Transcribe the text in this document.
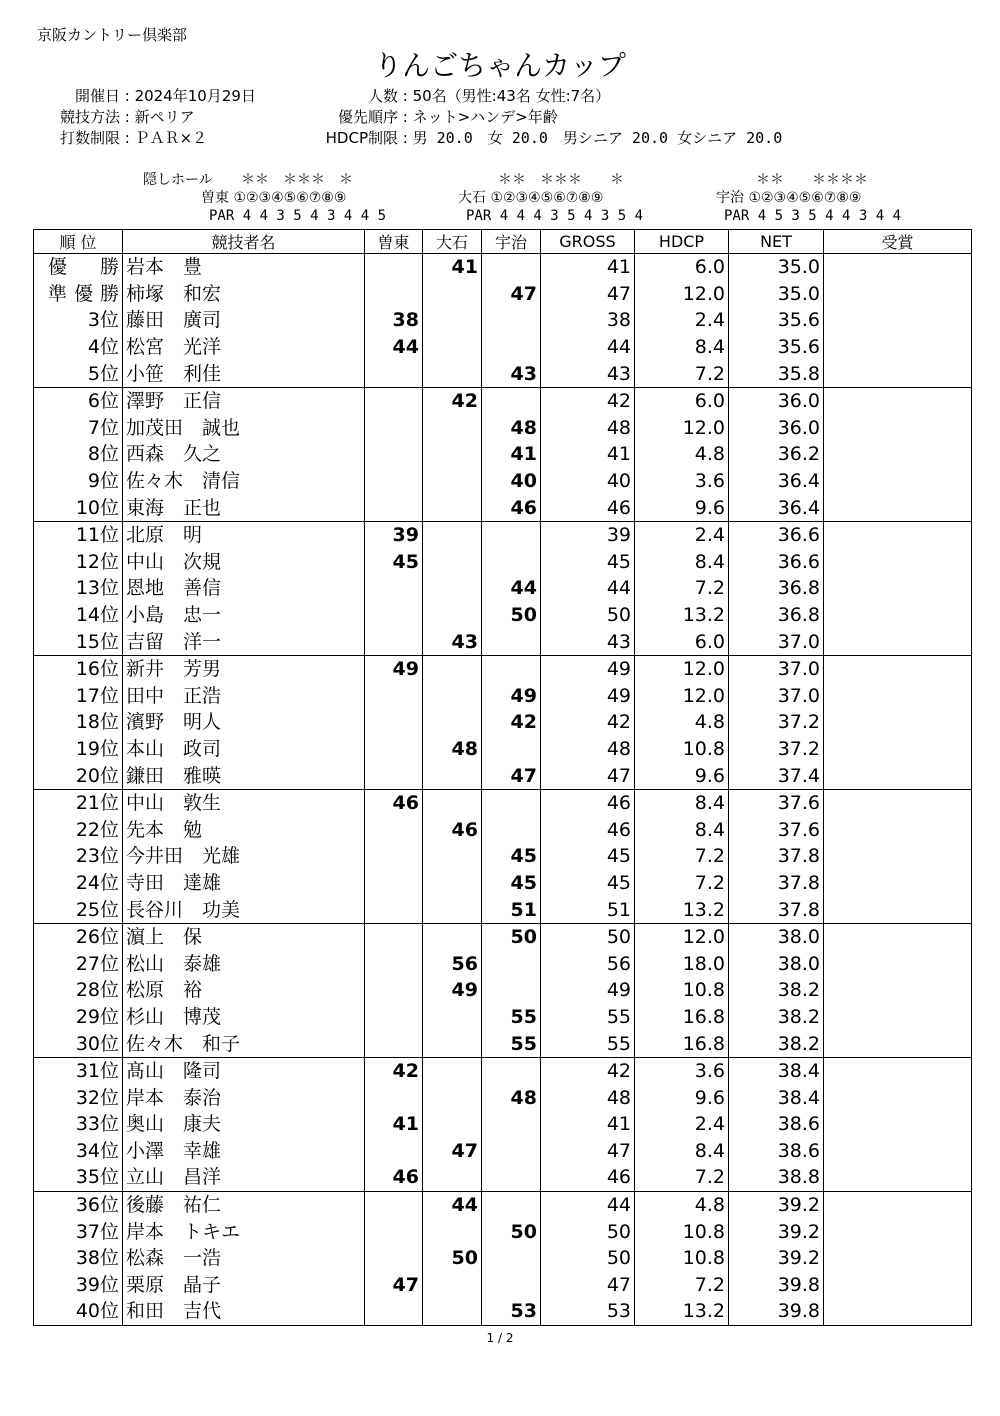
京阪カントリー倶楽部
りんごちゃんカップ
開催日 : 2024年10月29日
競技方法 : 新ペリア
打数制限 : ＰＡＲ×２
人数 : 50名（男性:43名 女性:7名）
優先順序 : ネット>ハンデ>年齢
HDCP制限 : 男 20.0　女 20.0　男シニア 20.0 女シニア 20.0
隠しホール	＊＊　＊＊＊　＊
曽東 ①②③④⑤⑥⑦⑧⑨
PAR 4 4 3 5 4 3 4 4 5
＊＊　＊＊＊　　＊
大石 ①②③④⑤⑥⑦⑧⑨
PAR 4 4 4 3 5 4 3 5 4
＊＊　　＊＊＊＊
宇治 ①②③④⑤⑥⑦⑧⑨
PAR 4 5 3 5 4 4 3 4 4
順 位	競技者名	曽東	大石	宇治	GROSS	HDCP	NET	受賞
優勝	岩本　豊		41		41	6.0	35.0	
準優勝	柿塚　和宏			47	47	12.0	35.0	
3位	藤田　廣司	38			38	2.4	35.6	
4位	松宮　光洋	44			44	8.4	35.6	
5位	小笹　利佳			43	43	7.2	35.8	
6位	澤野　正信		42		42	6.0	36.0	
7位	加茂田　誠也			48	48	12.0	36.0	
8位	西森　久之			41	41	4.8	36.2	
9位	佐々木　清信			40	40	3.6	36.4	
10位	東海　正也			46	46	9.6	36.4	
11位	北原　明	39			39	2.4	36.6	
12位	中山　次規	45			45	8.4	36.6	
13位	恩地　善信			44	44	7.2	36.8	
14位	小島　忠一			50	50	13.2	36.8	
15位	吉留　洋一		43		43	6.0	37.0	
16位	新井　芳男	49			49	12.0	37.0	
17位	田中　正浩			49	49	12.0	37.0	
18位	濱野　明人			42	42	4.8	37.2	
19位	本山　政司		48		48	10.8	37.2	
20位	鎌田　雅暎			47	47	9.6	37.4	
21位	中山　敦生	46			46	8.4	37.6	
22位	先本　勉		46		46	8.4	37.6	
23位	今井田　光雄			45	45	7.2	37.8	
24位	寺田　達雄			45	45	7.2	37.8	
25位	長谷川　功美			51	51	13.2	37.8	
26位	濵上　保			50	50	12.0	38.0	
27位	松山　泰雄		56		56	18.0	38.0	
28位	松原　裕		49		49	10.8	38.2	
29位	杉山　博茂			55	55	16.8	38.2	
30位	佐々木　和子			55	55	16.8	38.2	
31位	髙山　隆司	42			42	3.6	38.4	
32位	岸本　泰治			48	48	9.6	38.4	
33位	奥山　康夫	41			41	2.4	38.6	
34位	小澤　幸雄		47		47	8.4	38.6	
35位	立山　昌洋	46			46	7.2	38.8	
36位	後藤　祐仁		44		44	4.8	39.2	
37位	岸本　トキエ			50	50	10.8	39.2	
38位	松森　一浩		50		50	10.8	39.2	
39位	栗原　晶子	47			47	7.2	39.8	
40位	和田　吉代			53	53	13.2	39.8	
1 / 2
